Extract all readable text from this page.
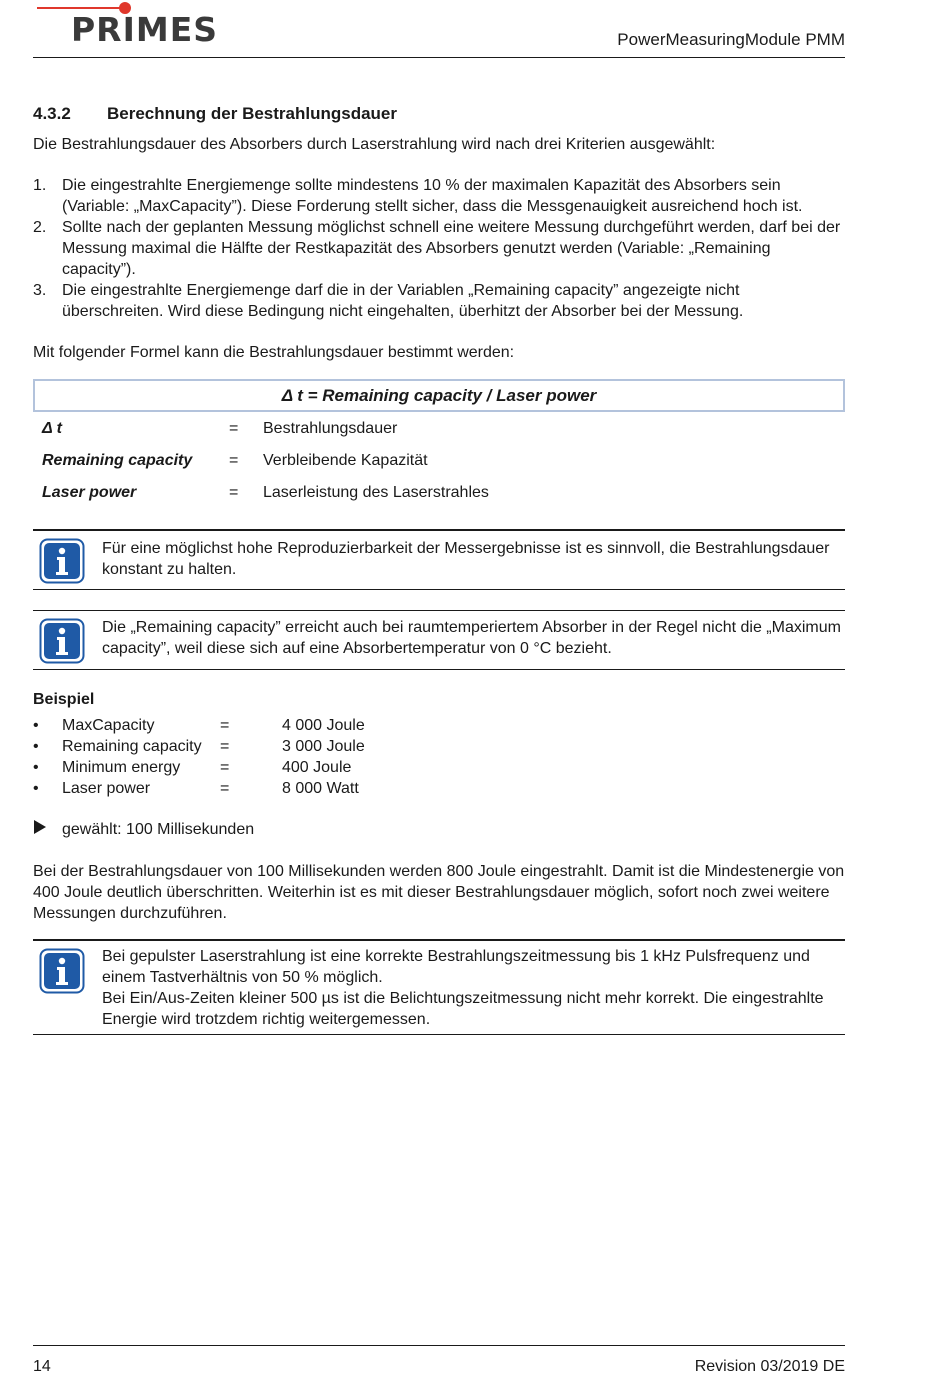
PRIMES	PowerMeasuringModule PMM
4.3.2 Berechnung der Bestrahlungsdauer
Die Bestrahlungsdauer des Absorbers durch Laserstrahlung wird nach drei Kriterien ausgewählt:
1. Die eingestrahlte Energiemenge sollte mindestens 10 % der maximalen Kapazität des Absorbers sein (Variable: „MaxCapacity”). Diese Forderung stellt sicher, dass die Messgenauigkeit ausreichend hoch ist.
2. Sollte nach der geplanten Messung möglichst schnell eine weitere Messung durchgeführt werden, darf bei der Messung maximal die Hälfte der Restkapazität des Absorbers genutzt werden (Variable: „Remaining capacity”).
3. Die eingestrahlte Energiemenge darf die in der Variablen „Remaining capacity” angezeigte nicht überschreiten. Wird diese Bedingung nicht eingehalten, überhitzt der Absorber bei der Messung.
Mit folgender Formel kann die Bestrahlungsdauer bestimmt werden:
Δ t = Remaining capacity / Laser power
Δ t	= Bestrahlungsdauer
Remaining capacity = Verbleibende Kapazität
Laser power	= Laserleistung des Laserstrahles
Für eine möglichst hohe Reproduzierbarkeit der Messergebnisse ist es sinnvoll, die Bestrahlungsdauer konstant zu halten.
Die „Remaining capacity” erreicht auch bei raumtemperiertem Absorber in der Regel nicht die „Maximum capacity”, weil diese sich auf eine Absorbertemperatur von 0 °C bezieht.
Beispiel
• MaxCapacity	=	4 000 Joule
• Remaining capacity =	3 000 Joule
• Minimum energy =	400 Joule
• Laser power	=	8 000 Watt
gewählt: 100 Millisekunden
Bei der Bestrahlungsdauer von 100 Millisekunden werden 800 Joule eingestrahlt. Damit ist die Mindestenergie von 400 Joule deutlich überschritten. Weiterhin ist es mit dieser Bestrahlungsdauer möglich, sofort noch zwei weitere Messungen durchzuführen.
Bei gepulster Laserstrahlung ist eine korrekte Bestrahlungszeitmessung bis 1 kHz Pulsfrequenz und einem Tastverhältnis von 50 % möglich.
Bei Ein/Aus-Zeiten kleiner 500 µs ist die Belichtungszeitmessung nicht mehr korrekt. Die eingestrahlte Energie wird trotzdem richtig weitergemessen.
14	Revision 03/2019 DE
